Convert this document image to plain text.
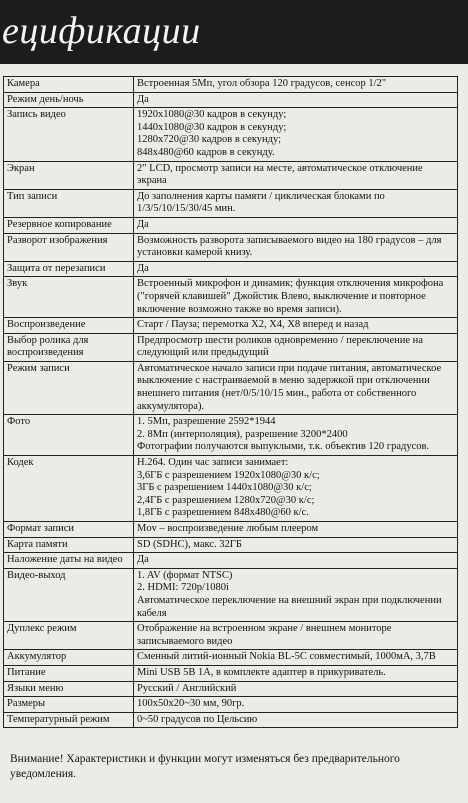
ецификации
Камера	Встроенная 5Мп, угол обзора 120 градусов, сенсор 1/2"
Режим день/ночь	Да
Запись видео	1920x1080@30 кадров в секунду;
1440x1080@30 кадров в секунду;
1280x720@30 кадров в секунду;
848x480@60 кадров в секунду.
Экран	2" LCD, просмотр записи на месте, автоматическое отключение экрана
Тип записи	До заполнения карты памяти / циклическая блоками по 1/3/5/10/15/30/45 мин.
Резервное копирование	Да
Разворот изображения	Возможность разворота записываемого видео на 180 градусов – для установки камерой книзу.
Защита от перезаписи	Да
Звук	Встроенный микрофон и динамик; функция отключения микрофона ("горячей клавишей" Джойстик Влево, выключение и повторное включение возможно также во время записи).
Воспроизведение	Старт / Пауза; перемотка Х2, Х4, Х8 вперед и назад
Выбор ролика для воспроизведения	Предпросмотр шести роликов одновременно / переключение на следующий или предыдущий
Режим записи	Автоматическое начало записи при подаче питания, автоматическое выключение с настраиваемой в меню задержкой при отключении внешнего питания (нет/0/5/10/15 мин., работа от собственного аккумулятора).
Фото	1. 5Мп, разрешение 2592*1944
2. 8Мп (интерполяция), разрешение 3200*2400
Фотографии получаются выпуклыми, т.к. объектив 120 градусов.
Кодек	H.264. Один час записи занимает:
3,6ГБ с разрешением 1920x1080@30 к/с;
3ГБ с разрешением 1440x1080@30 к/с;
2,4ГБ с разрешением 1280x720@30 к/с;
1,8ГБ с разрешением 848x480@60 к/с.
Формат записи	Mov – воспроизведение любым плеером
Карта памяти	SD (SDHC), макс. 32ГБ
Наложение даты на видео	Да
Видео-выход	1. AV (формат NTSC)
2. HDMI: 720p/1080i
Автоматическое переключение на внешний экран при подключении кабеля
Дуплекс режим	Отображение на встроенном экране / внешнем мониторе записываемого видео
Аккумулятор	Сменный литий-ионный Nokia BL-5C совместимый, 1000мА, 3,7В
Питание	Mini USB 5В 1А, в комплекте адаптер в прикуриватель.
Языки меню	Русский / Английский
Размеры	100x50x20~30 мм, 90гр.
Температурный режим	0~50 градусов по Цельсию
Внимание! Характеристики и функции могут изменяться без предварительного уведомления.
